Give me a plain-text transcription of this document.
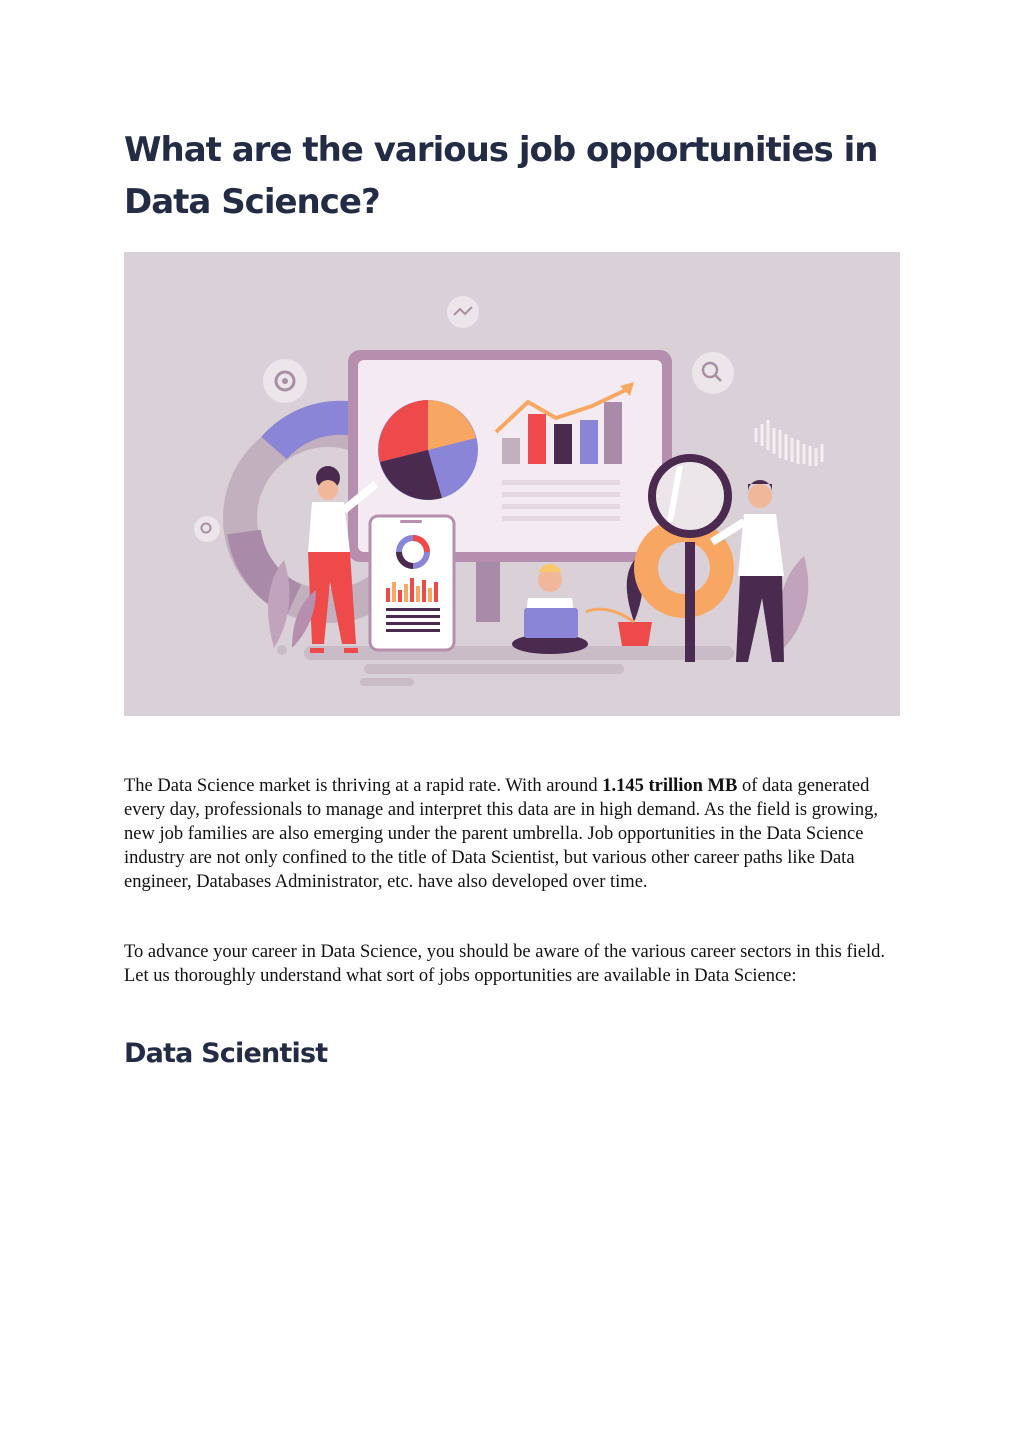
What are the various job opportunities in Data Science?

The Data Science market is thriving at a rapid rate. With around 1.145 trillion MB of data generated every day, professionals to manage and interpret this data are in high demand. As the field is growing, new job families are also emerging under the parent umbrella. Job opportunities in the Data Science industry are not only confined to the title of Data Scientist, but various other career paths like Data engineer, Databases Administrator, etc. have also developed over time.

To advance your career in Data Science, you should be aware of the various career sectors in this field. Let us thoroughly understand what sort of jobs opportunities are available in Data Science:

Data Scientist
